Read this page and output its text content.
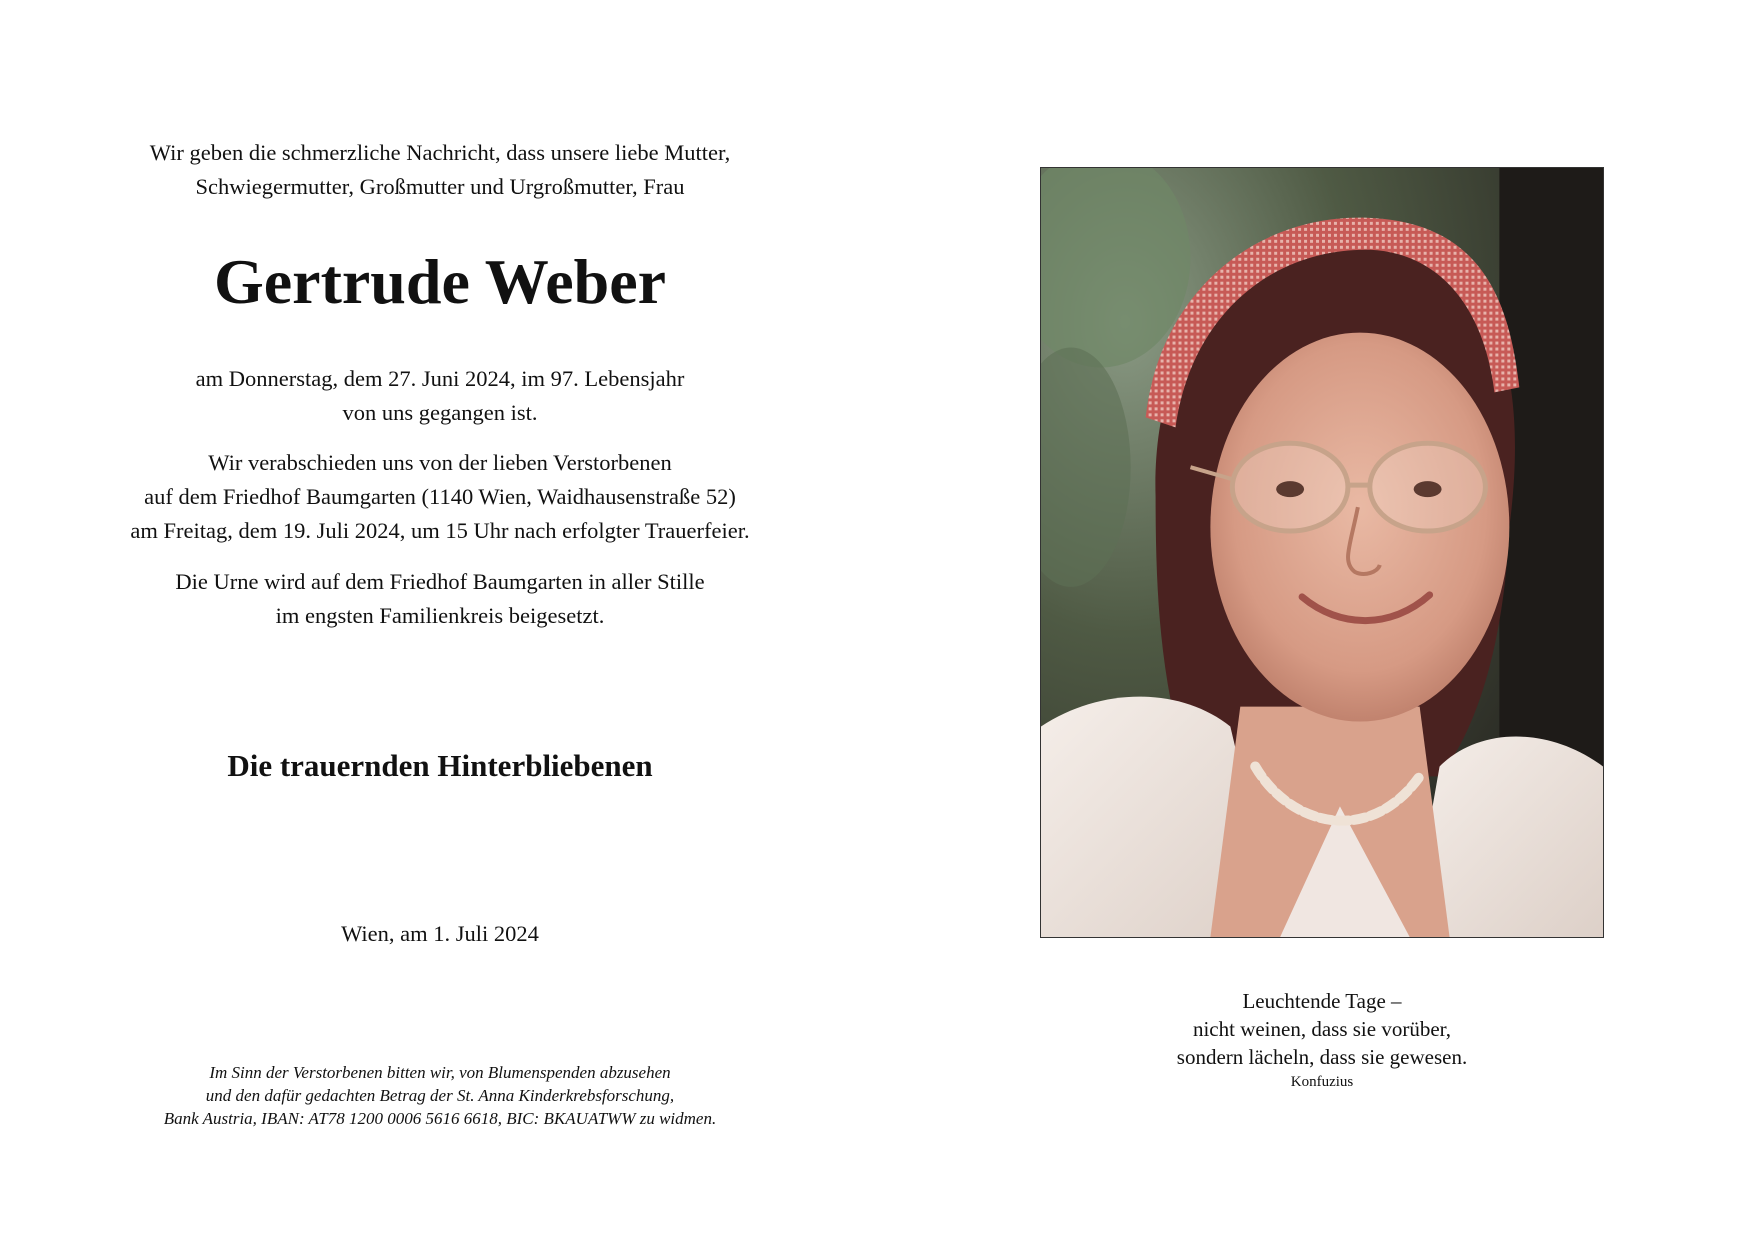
Wir geben die schmerzliche Nachricht, dass unsere liebe Mutter,
Schwiegermutter, Großmutter und Urgroßmutter, Frau

Gertrude Weber

am Donnerstag, dem 27. Juni 2024, im 97. Lebensjahr
von uns gegangen ist.

Wir verabschieden uns von der lieben Verstorbenen
auf dem Friedhof Baumgarten (1140 Wien, Waidhausenstraße 52)
am Freitag, dem 19. Juli 2024, um 15 Uhr nach erfolgter Trauerfeier.

Die Urne wird auf dem Friedhof Baumgarten in aller Stille
im engsten Familienkreis beigesetzt.

Die trauernden Hinterbliebenen

Wien, am 1. Juli 2024

Im Sinn der Verstorbenen bitten wir, von Blumenspenden abzusehen
und den dafür gedachten Betrag der St. Anna Kinderkrebsforschung,
Bank Austria, IBAN: AT78 1200 0006 5616 6618, BIC: BKAUATWW zu widmen.

Leuchtende Tage –
nicht weinen, dass sie vorüber,
sondern lächeln, dass sie gewesen.
Konfuzius
